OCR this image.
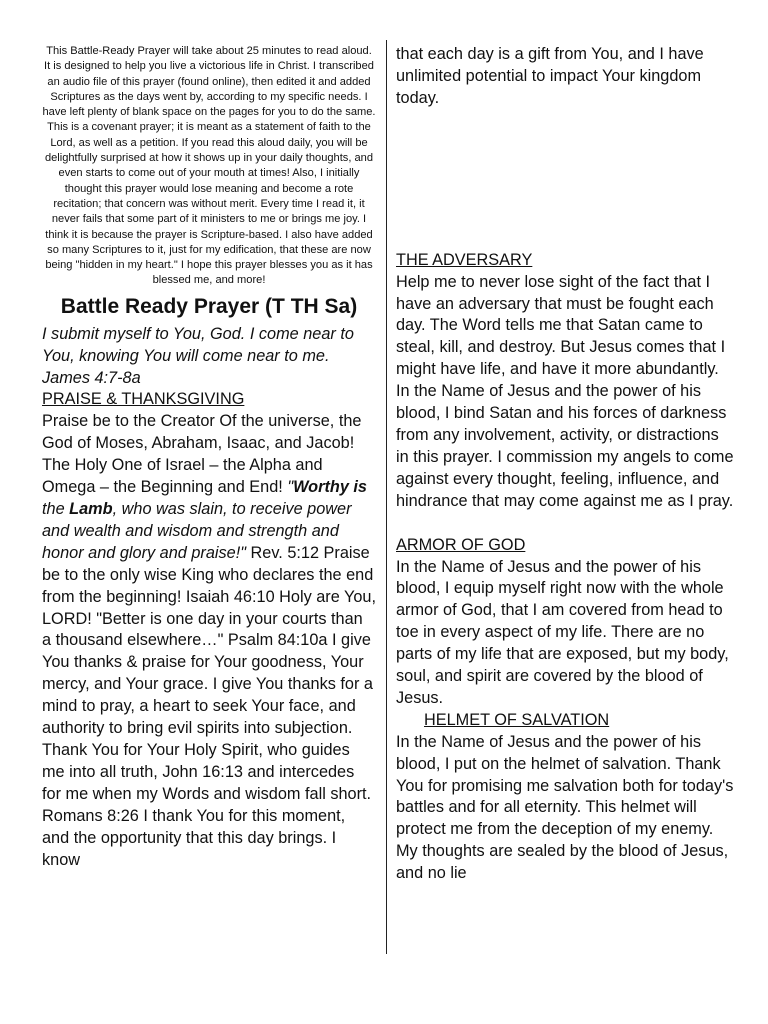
This Battle-Ready Prayer will take about 25 minutes to read aloud. It is designed to help you live a victorious life in Christ. I transcribed an audio file of this prayer (found online), then edited it and added Scriptures as the days went by, according to my specific needs. I have left plenty of blank space on the pages for you to do the same. This is a covenant prayer; it is meant as a statement of faith to the Lord, as well as a petition. If you read this aloud daily, you will be delightfully surprised at how it shows up in your daily thoughts, and even starts to come out of your mouth at times! Also, I initially thought this prayer would lose meaning and become a rote recitation; that concern was without merit. Every time I read it, it never fails that some part of it ministers to me or brings me joy. I think it is because the prayer is Scripture-based. I also have added so many Scriptures to it, just for my edification, that these are now being "hidden in my heart." I hope this prayer blesses you as it has blessed me, and more!

Battle Ready Prayer (T TH Sa)

I submit myself to You, God. I come near to You, knowing You will come near to me. James 4:7-8a

PRAISE & THANKSGIVING
Praise be to the Creator Of the universe, the God of Moses, Abraham, Isaac, and Jacob! The Holy One of Israel – the Alpha and Omega – the Beginning and End! "Worthy is the Lamb, who was slain, to receive power and wealth and wisdom and strength and honor and glory and praise!" Rev. 5:12 Praise be to the only wise King who declares the end from the beginning! Isaiah 46:10 Holy are You, LORD! "Better is one day in your courts than a thousand elsewhere…" Psalm 84:10a I give You thanks & praise for Your goodness, Your mercy, and Your grace. I give You thanks for a mind to pray, a heart to seek Your face, and authority to bring evil spirits into subjection. Thank You for Your Holy Spirit, who guides me into all truth, John 16:13 and intercedes for me when my Words and wisdom fall short. Romans 8:26 I thank You for this moment, and the opportunity that this day brings. I know

that each day is a gift from You, and I have unlimited potential to impact Your kingdom today.

THE ADVERSARY
Help me to never lose sight of the fact that I have an adversary that must be fought each day. The Word tells me that Satan came to steal, kill, and destroy. But Jesus comes that I might have life, and have it more abundantly. In the Name of Jesus and the power of his blood, I bind Satan and his forces of darkness from any involvement, activity, or distractions in this prayer. I commission my angels to come against every thought, feeling, influence, and hindrance that may come against me as I pray.

ARMOR OF GOD
In the Name of Jesus and the power of his blood, I equip myself right now with the whole armor of God, that I am covered from head to toe in every aspect of my life. There are no parts of my life that are exposed, but my body, soul, and spirit are covered by the blood of Jesus.
HELMET OF SALVATION
In the Name of Jesus and the power of his blood, I put on the helmet of salvation. Thank You for promising me salvation both for today's battles and for all eternity. This helmet will protect me from the deception of my enemy. My thoughts are sealed by the blood of Jesus, and no lie
